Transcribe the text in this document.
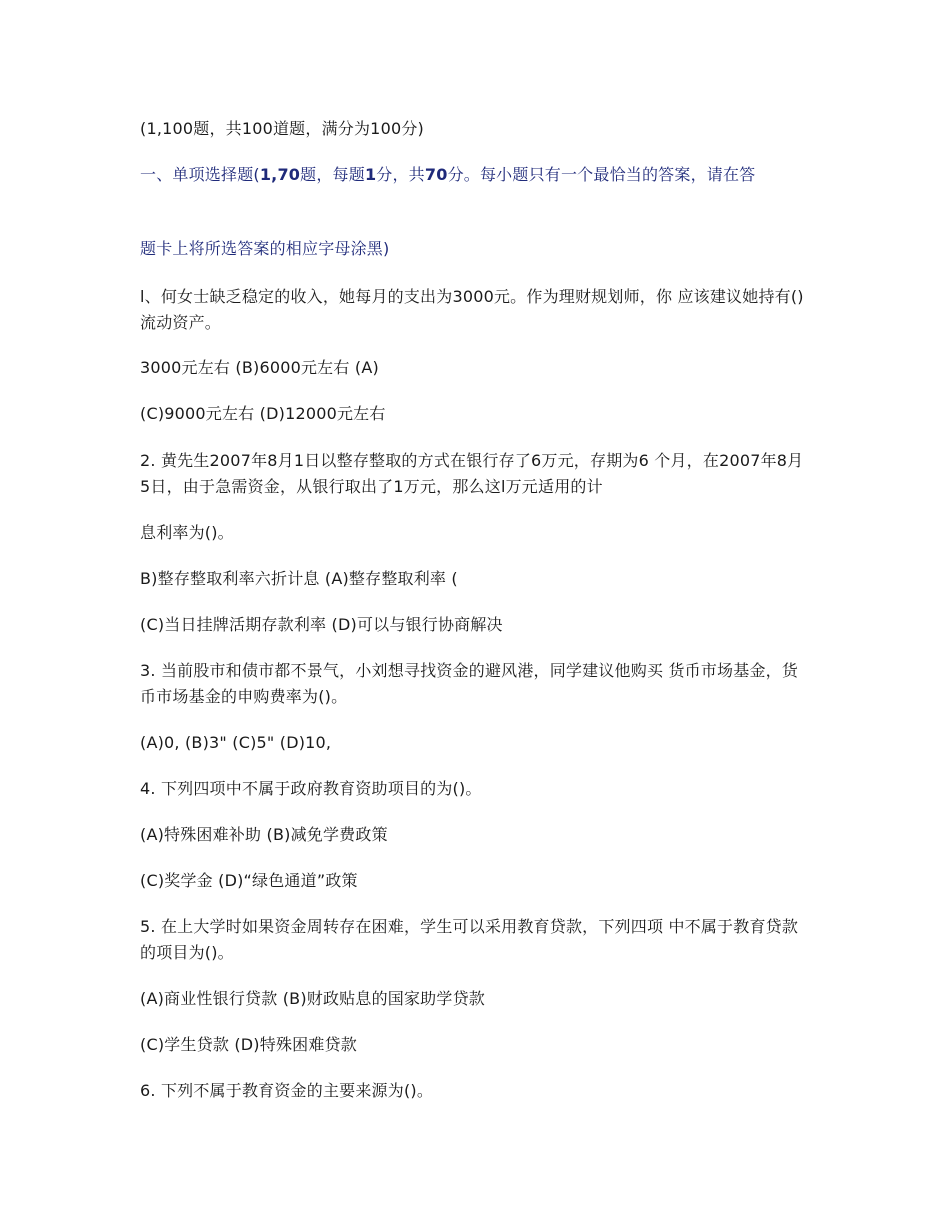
(1,100题，共100道题，满分为100分)
一、单项选择题(1,70题，每题1分，共70分。每小题只有一个最恰当的答案，请在答
题卡上将所选答案的相应字母涂黑)
l、何女士缺乏稳定的收入，她每月的支出为3000元。作为理财规划师，你 应该建议她持有()流动资产。
3000元左右 (B)6000元左右 (A)
(C)9000元左右 (D)12000元左右
2. 黄先生2007年8月1日以整存整取的方式在银行存了6万元，存期为6 个月，在2007年8月5日，由于急需资金，从银行取出了1万元，那么这l万元适用的计
息利率为()。
B)整存整取利率六折计息 (A)整存整取利率 (
(C)当日挂牌活期存款利率 (D)可以与银行协商解决
3. 当前股市和债市都不景气，小刘想寻找资金的避风港，同学建议他购买 货币市场基金，货币市场基金的申购费率为()。
(A)0, (B)3" (C)5" (D)10,
4. 下列四项中不属于政府教育资助项目的为()。
(A)特殊困难补助 (B)减免学费政策
(C)奖学金 (D)“绿色通道”政策
5. 在上大学时如果资金周转存在困难，学生可以采用教育贷款，下列四项 中不属于教育贷款的项目为()。
(A)商业性银行贷款 (B)财政贴息的国家助学贷款
(C)学生贷款 (D)特殊困难贷款
6. 下列不属于教育资金的主要来源为()。
